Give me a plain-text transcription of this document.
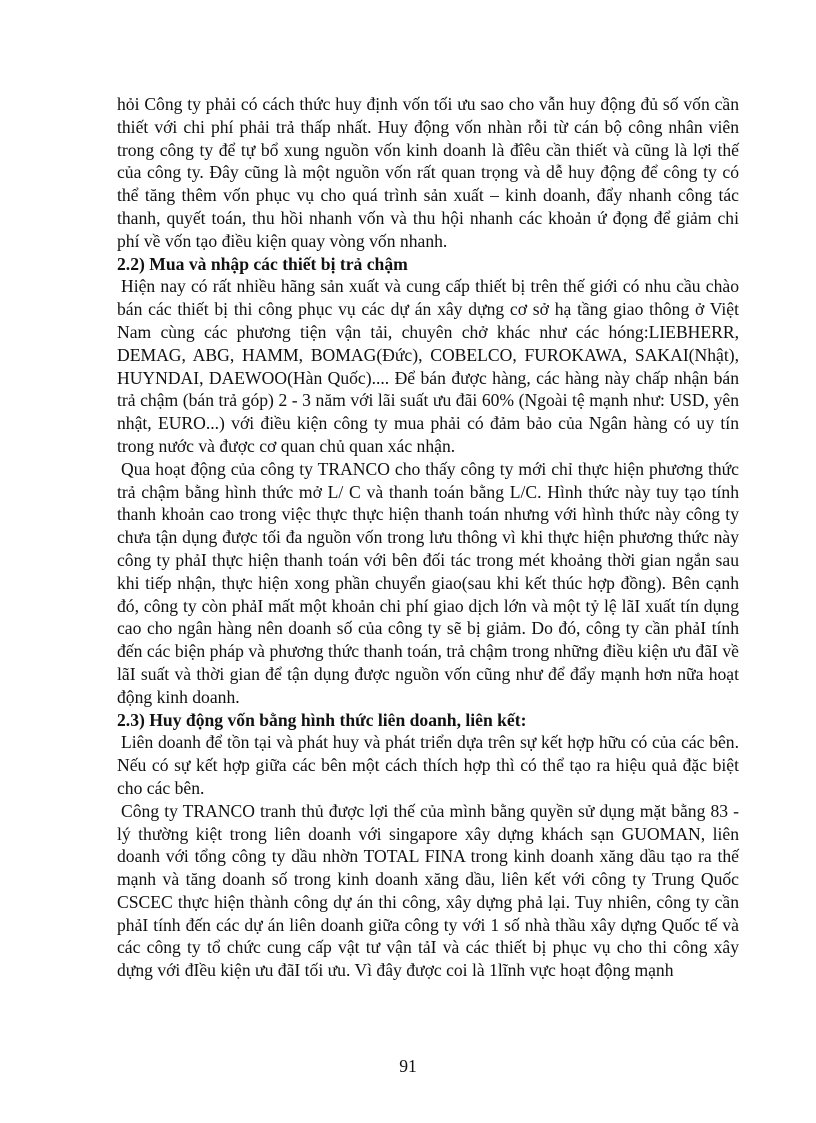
hỏi Công ty phải có cách thức huy định vốn tối ưu sao cho vẫn huy động đủ số vốn cần thiết với chi phí phải trả thấp nhất. Huy động vốn nhàn rỗi từ cán bộ công nhân viên trong công ty để tự bổ xung nguồn vốn kinh doanh là đîêu cần thiết và cũng là lợi thế của công ty. Đây cũng là một nguồn vốn rất quan trọng và dễ huy động để công ty có thể tăng thêm vốn phục vụ cho quá trình sản xuất – kinh doanh, đẩy nhanh công tác thanh, quyết toán, thu hồi nhanh vốn và thu hội nhanh các khoản ứ đọng để giảm chi phí về vốn tạo điều kiện quay vòng vốn nhanh.

2.2) Mua và nhập các thiết bị trả chậm

Hiện nay có rất nhiều hãng sản xuất và cung cấp thiết bị trên thế giới có nhu cầu chào bán các thiết bị thi công phục vụ các dự án xây dựng cơ sở hạ tầng giao thông ở Việt Nam cùng các phương tiện vận tải, chuyên chở khác như các hóng:LIEBHERR, DEMAG, ABG, HAMM, BOMAG(Đức), COBELCO, FUROKAWA, SAKAI(Nhật), HUYNDAI, DAEWOO(Hàn Quốc).... Để bán được hàng, các hàng này chấp nhận bán trả chậm (bán trả góp) 2 - 3 năm với lãi suất ưu đãi 60% (Ngoài tệ mạnh như: USD, yên nhật, EURO...) với điều kiện công ty mua phải có đảm bảo của Ngân hàng có uy tín trong nước và được cơ quan chủ quan xác nhận.

Qua hoạt động của công ty TRANCO cho thấy công ty mới chỉ thực hiện phương thức trả chậm bằng hình thức mở L/ C và thanh toán bằng L/C. Hình thức này tuy tạo tính thanh khoản cao trong việc thực thực hiện thanh toán nhưng với hình thức này công ty chưa tận dụng được tối đa nguồn vốn trong lưu thông vì khi thực hiện phương thức này công ty phảI thực hiện thanh toán với bên đối tác trong mét khoảng thời gian ngắn sau khi tiếp nhận, thực hiện xong phần chuyển giao(sau khi kết thúc hợp đồng). Bên cạnh đó, công ty còn phảI mất một khoản chi phí giao dịch lớn và một tỷ lệ lãI xuất tín dụng cao cho ngân hàng nên doanh số của công ty sẽ bị giảm. Do đó, công ty cần phảI tính đến các biện pháp và phương thức thanh toán, trả chậm trong những điều kiện ưu đãI về lãI suất và thời gian để tận dụng được nguồn vốn cũng như để đẩy mạnh hơn nữa hoạt động kinh doanh.

2.3) Huy động vốn bằng hình thức liên doanh, liên kết:

Liên doanh để tồn tại và phát huy và phát triển dựa trên sự kết hợp hữu có của các bên. Nếu có sự kết hợp giữa các bên một cách thích hợp thì có thể tạo ra hiệu quả đặc biệt cho các bên.

Công ty TRANCO tranh thủ được lợi thế của mình bằng quyền sử dụng mặt bằng 83 - lý thường kiệt trong liên doanh với singapore xây dựng khách sạn GUOMAN, liên doanh với tổng công ty dầu nhờn TOTAL FINA trong kinh doanh xăng dầu tạo ra thế mạnh và tăng doanh số trong kinh doanh xăng dầu, liên kết với công ty Trung Quốc CSCEC thực hiện thành công dự án thi công, xây dựng phả lại. Tuy nhiên, công ty cần phảI tính đến các dự án liên doanh giữa công ty với 1 số nhà thầu xây dựng Quốc tế và các công ty tổ chức cung cấp vật tư vận tảI và các thiết bị phục vụ cho thi công xây dựng với đIều kiện ưu đãI tối ưu. Vì đây được coi là 1lĩnh vực hoạt động mạnh

91
